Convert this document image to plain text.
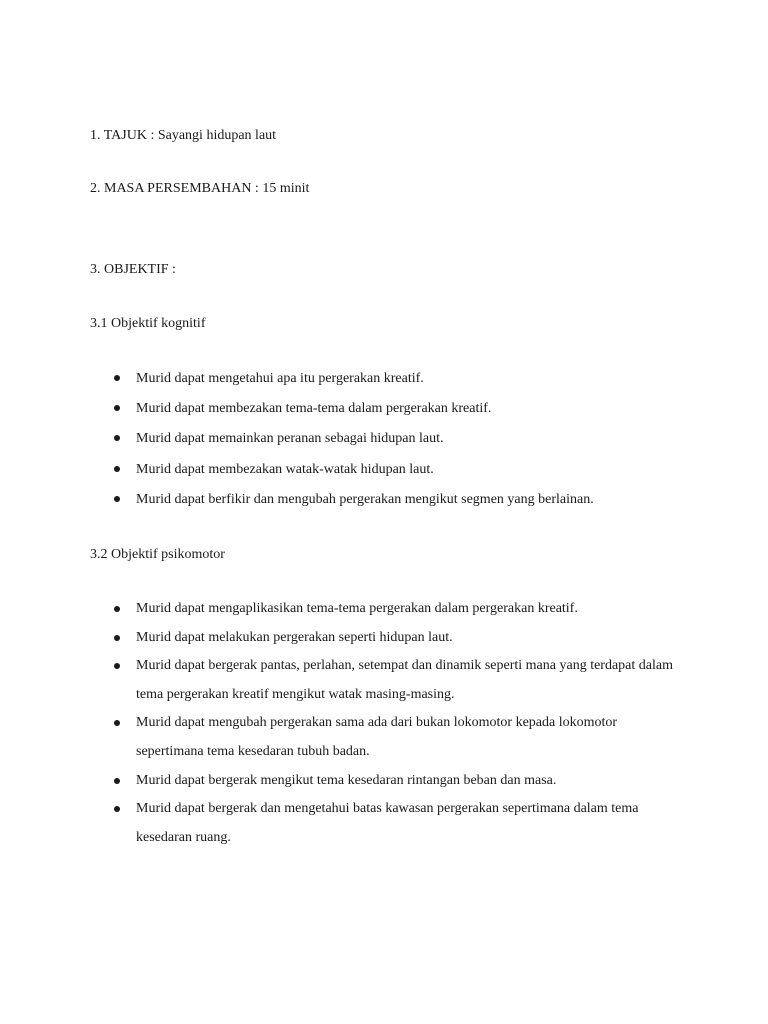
1. TAJUK : Sayangi hidupan laut
2. MASA PERSEMBAHAN : 15 minit
3. OBJEKTIF :
3.1 Objektif kognitif
Murid dapat mengetahui apa itu pergerakan kreatif.
Murid dapat membezakan tema-tema dalam pergerakan kreatif.
Murid dapat memainkan peranan sebagai hidupan laut.
Murid dapat membezakan watak-watak hidupan laut.
Murid dapat berfikir dan mengubah pergerakan mengikut segmen yang berlainan.
3.2 Objektif psikomotor
Murid dapat mengaplikasikan tema-tema pergerakan dalam pergerakan kreatif.
Murid dapat melakukan pergerakan seperti hidupan laut.
Murid dapat bergerak pantas, perlahan, setempat dan dinamik seperti mana yang terdapat dalam tema pergerakan kreatif mengikut watak masing-masing.
Murid dapat mengubah pergerakan sama ada dari bukan lokomotor kepada lokomotor sepertimana tema kesedaran tubuh badan.
Murid dapat bergerak mengikut tema kesedaran rintangan beban dan masa.
Murid dapat bergerak dan mengetahui batas kawasan pergerakan sepertimana dalam tema kesedaran ruang.
